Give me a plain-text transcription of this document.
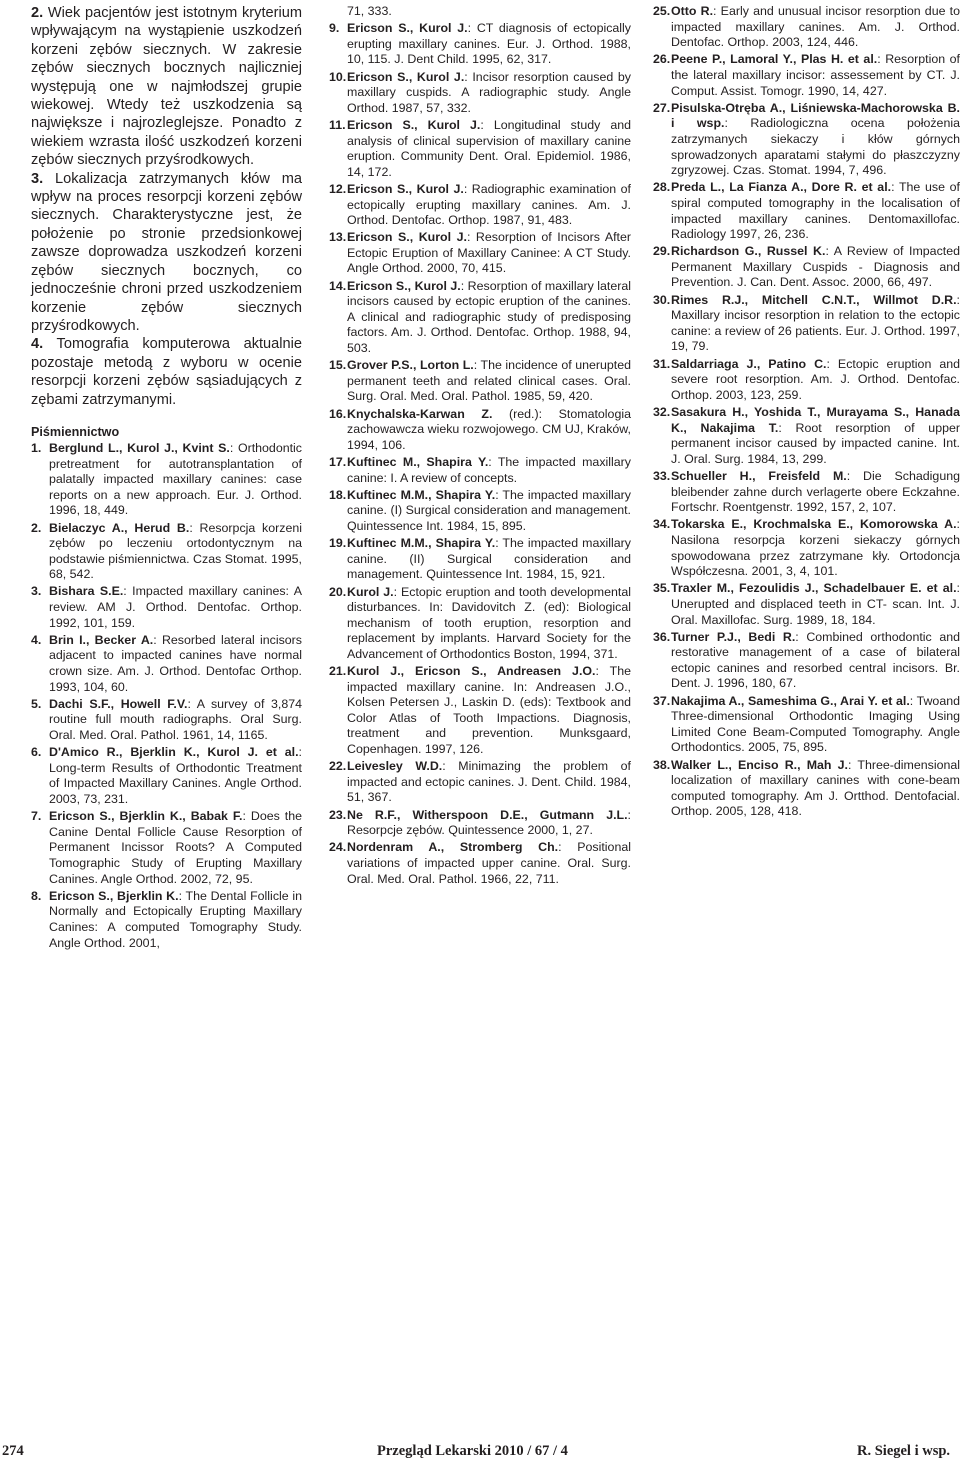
2. Wiek pacjentów jest istotnym kryterium wpływającym na wystąpienie uszkodzeń korzeni zębów siecznych. W zakresie zębów siecznych bocznych najliczniej występują one w najmłodszej grupie wiekowej. Wtedy też uszkodzenia są największe i najrozleglejsze. Ponadto z wiekiem wzrasta ilość uszkodzeń korzeni zębów siecznych przyśrodkowych.

3. Lokalizacja zatrzymanych kłów ma wpływ na proces resorpcji korzeni zębów siecznych. Charakterystyczne jest, że położenie po stronie przedsionkowej zawsze doprowadza uszkodzeń korzeni zębów siecznych bocznych, co jednocześnie chroni przed uszkodzeniem korzenie zębów siecznych przyśrodkowych.

4. Tomografia komputerowa aktualnie pozostaje metodą z wyboru w ocenie resorpcji korzeni zębów sąsiadujących z zębami zatrzymanymi.

Piśmiennictwo
1. Berglund L., Kurol J., Kvint S.: Orthodontic pretreatment for autotransplantation of palatally impacted maxillary canines: case reports on a new approach. Eur. J. Orthod. 1996, 18, 449.
2. Bielaczyc A., Herud B.: Resorpcja korzeni zębów po leczeniu ortodontycznym na podstawie piśmiennictwa. Czas Stomat. 1995, 68, 542.
3. Bishara S.E.: Impacted maxillary canines: A review. AM J. Orthod. Dentofac. Orthop. 1992, 101, 159.
4. Brin I., Becker A.: Resorbed lateral incisors adjacent to impacted canines have normal crown size. Am. J. Orthod. Dentofac Orthop. 1993, 104, 60.
5. Dachi S.F., Howell F.V.: A survey of 3,874 routine full mouth radiographs. Oral Surg. Oral. Med. Oral. Pathol. 1961, 14, 1165.
6. D'Amico R., Bjerklin K., Kurol J. et al.: Long-term Results of Orthodontic Treatment of Impacted Maxillary Canines. Angle Orthod. 2003, 73, 231.
7. Ericson S., Bjerklin K., Babak F.: Does the Canine Dental Follicle Cause Resorption of Permanent Incissor Roots? A Computed Tomographic Study of Erupting Maxillary Canines. Angle Orthod. 2002, 72, 95.
8. Ericson S., Bjerklin K.: The Dental Follicle in Normally and Ectopically Erupting Maxillary Canines: A computed Tomography Study. Angle Orthod. 2001,
71, 333.
9. Ericson S., Kurol J.: CT diagnosis of ectopically erupting maxillary canines. Eur. J. Orthod. 1988, 10, 115. J. Dent Child. 1995, 62, 317.
10.Ericson S., Kurol J.: Incisor resorption caused by maxillary cuspids. A radiographic study. Angle Orthod. 1987, 57, 332.
11.Ericson S., Kurol J.: Longitudinal study and analysis of clinical supervision of maxillary canine eruption. Community Dent. Oral. Epidemiol. 1986, 14, 172.
12.Ericson S., Kurol J.: Radiographic examination of ectopically erupting maxillary canines. Am. J. Orthod. Dentofac. Orthop. 1987, 91, 483.
13.Ericson S., Kurol J.: Resorption of Incisors After Ectopic Eruption of Maxillary Caninee: A CT Study. Angle Orthod. 2000, 70, 415.
14.Ericson S., Kurol J.: Resorption of maxillary lateral incisors caused by ectopic eruption of the canines. A clinical and radiographic study of predisposing factors. Am. J. Orthod. Dentofac. Orthop. 1988, 94, 503.
15.Grover P.S., Lorton L.: The incidence of unerupted permanent teeth and related clinical cases. Oral. Surg. Oral. Med. Oral. Pathol. 1985, 59, 420.
16.Knychalska-Karwan Z. (red.): Stomatologia zachowawcza wieku rozwojowego. CM UJ, Kraków, 1994, 106.
17.Kuftinec M., Shapira Y.: The impacted maxillary canine: I. A review of concepts.
18.Kuftinec M.M., Shapira Y.: The impacted maxillary canine. (I) Surgical consideration and management. Quintessence Int. 1984, 15, 895.
19.Kuftinec M.M., Shapira Y.: The impacted maxillary canine. (II) Surgical consideration and management. Quintessence Int. 1984, 15, 921.
20.Kurol J.: Ectopic eruption and tooth developmental disturbances. In: Davidovitch Z. (ed): Biological mechanism of tooth eruption, resorption and replacement by implants. Harvard Society for the Advancement of Orthodontics Boston, 1994, 371.
21.Kurol J., Ericson S., Andreasen J.O.: The impacted maxillary canine. In: Andreasen J.O., Kolsen Petersen J., Laskin D. (eds): Textbook and Color Atlas of Tooth Impactions. Diagnosis, treatment and prevention. Munksgaard, Copenhagen. 1997, 126.
22.Leivesley W.D.: Minimazing the problem of impacted and ectopic canines. J. Dent. Child. 1984, 51, 367.
23.Ne R.F., Witherspoon D.E., Gutmann J.L.: Resorpcje zębów. Quintessence 2000, 1, 27.
24.Nordenram A., Stromberg Ch.: Positional variations of impacted upper canine. Oral. Surg. Oral. Med. Oral. Pathol. 1966, 22, 711.
25.Otto R.: Early and unusual incisor resorption due to impacted maxillary canines. Am. J. Orthod. Dentofac. Orthop. 2003, 124, 446.
26.Peene P., Lamoral Y., Plas H. et al.: Resorption of the lateral maxillary incisor: assessement by CT. J. Comput. Assist. Tomogr. 1990, 14, 427.
27.Pisulska-Otręba A., Liśniewska-Machorowska B. i wsp.: Radiologiczna ocena położenia zatrzymanych siekaczy i kłów górnych sprowadzonych aparatami stałymi do płaszczyzny zgryzowej. Czas. Stomat. 1994, 7, 496.
28.Preda L., La Fianza A., Dore R. et al.: The use of spiral computed tomography in the localisation of impacted maxillary canines. Dentomaxillofac. Radiology 1997, 26, 236.
29.Richardson G., Russel K.: A Review of Impacted Permanent Maxillary Cuspids - Diagnosis and Prevention. J. Can. Dent. Assoc. 2000, 66, 497.
30.Rimes R.J., Mitchell C.N.T., Willmot D.R.: Maxillary incisor resorption in relation to the ectopic canine: a review of 26 patients. Eur. J. Orthod. 1997, 19, 79.
31.Saldarriaga J., Patino C.: Ectopic eruption and severe root resorption. Am. J. Orthod. Dentofac. Orthop. 2003, 123, 259.
32.Sasakura H., Yoshida T., Murayama S., Hanada K., Nakajima T.: Root resorption of upper permanent incisor caused by impacted canine. Int. J. Oral. Surg. 1984, 13, 299.
33.Schueller H., Freisfeld M.: Die Schadigung bleibender zahne durch verlagerte obere Eckzahne. Fortschr. Roentgenstr. 1992, 157, 2, 107.
34.Tokarska E., Krochmalska E., Komorowska A.: Nasilona resorpcja korzeni siekaczy górnych spowodowana przez zatrzymane kły. Ortodoncja Współczesna. 2001, 3, 4, 101.
35.Traxler M., Fezoulidis J., Schadelbauer E. et al.: Unerupted and displaced teeth in CT- scan. Int. J. Oral. Maxillofac. Surg. 1989, 18, 184.
36.Turner P.J., Bedi R.: Combined orthodontic and restorative management of a case of bilateral ectopic canines and resorbed central incisors. Br. Dent. J. 1996, 180, 67.
37.Nakajima A., Sameshima G., Arai Y. et al.: Twoand Three-dimensional Orthodontic Imaging Using Limited Cone Beam-Computed Tomography. Angle Orthodontics. 2005, 75, 895.
38.Walker L., Enciso R., Mah J.: Three-dimensional localization of maxillary canines with cone-beam computed tomography. Am J. Ortthod. Dentofacial. Orthop. 2005, 128, 418.
274	Przegląd Lekarski 2010 / 67 / 4	R. Siegel i wsp.
